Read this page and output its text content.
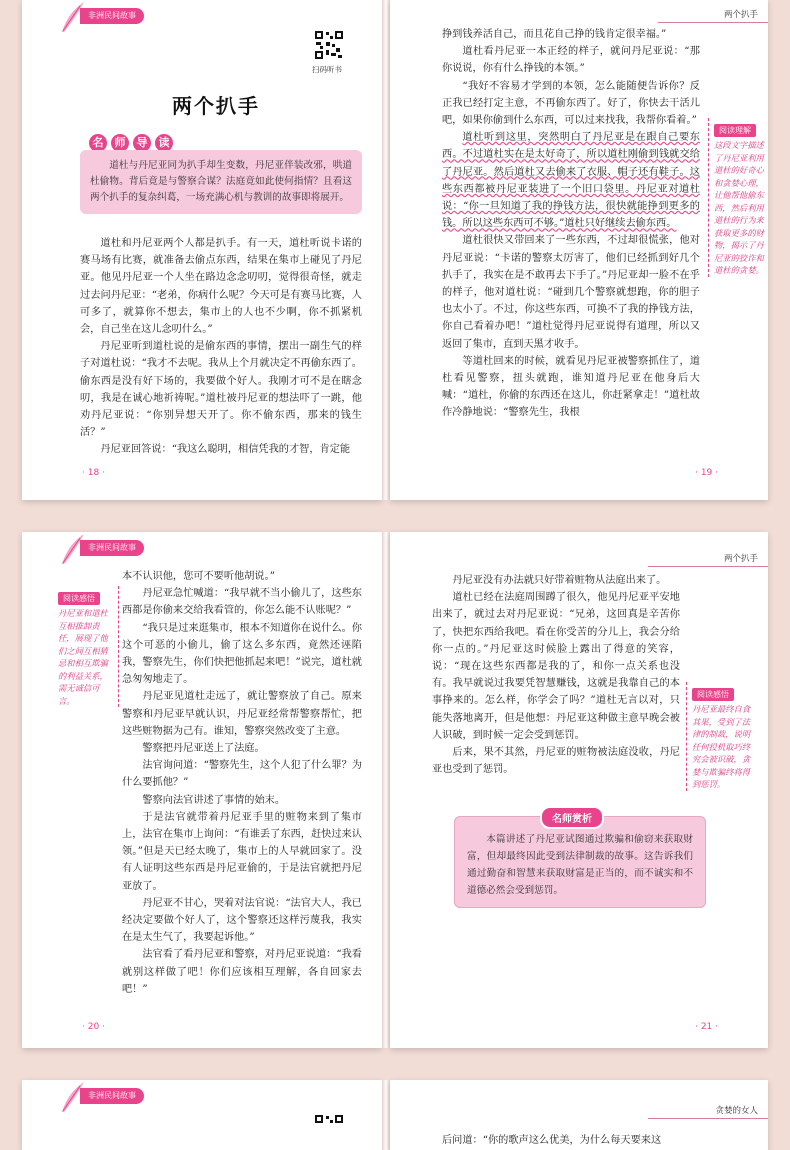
非洲民间故事
扫码听书
两个扒手
名	师	导	读

道杜与丹尼亚同为扒手却生变数，丹尼亚伴装改邪，哄道杜偷物。背后竟是与警察合谋？法庭竟如此使何指情？且看这两个扒手的复杂纠葛，一场充满心机与教训的故事即将展开。

道杜和丹尼亚两个人都是扒手。有一天，道杜听说卡诺的赛马场有比赛，就准备去偷点东西，结果在集市上碰见了丹尼亚。他见丹尼亚一个人坐在路边念念叨叨，觉得很奇怪，就走过去问丹尼亚：“老弟，你病什么呢？今天可是有赛马比赛，人可多了，就算你不想去，集市上的人也不少啊，你不抓紧机会，自己坐在这儿念叨什么。”

丹尼亚听到道杜说的是偷东西的事情，摆出一副生气的样子对道杜说：“我才不去呢。我从上个月就决定不再偷东西了。偷东西是没有好下场的，我要做个好人。我刚才可不是在瞎念叨，我是在诚心地祈祷呢。”道杜被丹尼亚的想法吓了一跳，他劝丹尼亚说：“你别异想天开了。你不偷东西，那来的钱生活？”

丹尼亚回答说：“我这么聪明，相信凭我的才智，肯定能

· 18 ·
两个扒手

挣到钱养活自己，而且花自己挣的钱肯定很幸福。”

道杜看丹尼亚一本正经的样子，就问丹尼亚说：“那你说说，你有什么挣钱的本领。”

“我好不容易才学到的本领，怎么能随便告诉你？反正我已经打定主意，不再偷东西了。好了，你快去干活儿吧，如果你偷到什么东西，可以过来找我，我帮你看着。”

道杜听到这里，突然明白了丹尼亚是在跟自己要东西。不过道杜实在是太好奇了，所以道杜刚偷到钱就交给了丹尼亚。然后道杜又去偷来了衣服、帽子还有鞋子。这些东西都被丹尼亚装进了一个旧口袋里。丹尼亚对道杜说：“你一旦知道了我的挣钱方法，很快就能挣到更多的钱。所以这些东西可不够。”道杜只好继续去偷东西。

道杜很快又带回来了一些东西，不过却很慌张，他对丹尼亚说：“卡诺的警察太厉害了，他们已经抓到好几个扒手了，我实在是不敢再去下手了。”丹尼亚却一脸不在乎的样子，他对道杜说：“碰到几个警察就想跑，你的胆子也太小了。不过，你这些东西，可换不了我的挣钱方法，你自己看着办吧！”道杜觉得丹尼亚说得有道理，所以又返回了集市，直到天黑才收手。

等道杜回来的时候，就看见丹尼亚被警察抓住了，道杜看见警察，扭头就跑，谁知道丹尼亚在他身后大喊：“道杜，你偷的东西还在这儿，你赶紧拿走！”道杜故作冷静地说：“警察先生，我根

阅读理解
这段文字描述了丹尼亚利用道杜的好奇心和贪婪心理，让他帮他偷东西，然后利用道杜的行为来获取更多的财物，揭示了丹尼亚的狡诈和道杜的贪婪。
· 19 ·
非洲民间故事
阅读感悟
丹尼亚和道杜互相推卸责任，展现了他们之间互相猜忌和相互欺骗的利益关系，需无诚信可言。

本不认识他，您可不要听他胡说。”

丹尼亚急忙喊道：“我早就不当小偷儿了，这些东西都是你偷来交给我看管的，你怎么能不认账呢？”

“我只是过来逛集市，根本不知道你在说什么。你这个可恶的小偷儿，偷了这么多东西，竟然还诬陷我，警察先生，你们快把他抓起来吧！”说完，道杜就急匆匆地走了。

丹尼亚见道杜走远了，就让警察放了自己。原来警察和丹尼亚早就认识，丹尼亚经常帮警察帮忙，把这些赃物据为己有。谁知，警察突然改变了主意。

警察把丹尼亚送上了法庭。

法官询问道：“警察先生，这个人犯了什么罪？为什么要抓他？”

警察向法官讲述了事情的始末。

于是法官就带着丹尼亚手里的赃物来到了集市上，法官在集市上询问：“有谁丢了东西，赶快过来认领。”但是天已经太晚了，集市上的人早就回家了。没有人证明这些东西是丹尼亚偷的，于是法官就把丹尼亚放了。

丹尼亚不甘心，哭着对法官说：“法官大人，我已经决定要做个好人了，这个警察还这样污蔑我，我实在是太生气了，我要起诉他。”

法官看了看丹尼亚和警察，对丹尼亚说道：“我看就别这样做了吧！你们应该相互理解，各自回家去吧！”

· 20 ·
两个扒手

丹尼亚没有办法就只好带着赃物从法庭出来了。

道杜已经在法庭周围蹲了很久，他见丹尼亚平安地出来了，就过去对丹尼亚说：“兄弟，这回真是辛苦你了，快把东西给我吧。看在你受苦的分儿上，我会分给你一点的。”丹尼亚这时候脸上露出了得意的笑容，说：“现在这些东西都是我的了，和你一点关系也没有。我早就说过我要凭智慧赚钱，这就是我靠自己的本事挣来的。怎么样，你学会了吗？”道杜无言以对，只能失落地离开，但是他想：丹尼亚这种做主意早晚会被人识破，到时候一定会受到惩罚。

后来，果不其然，丹尼亚的赃物被法庭没收，丹尼亚也受到了惩罚。

阅读感悟
丹尼亚最终自食其果，受到了法律的制裁，说明任何投机取巧终究会被识破，贪婪与欺骗终将得到惩罚。

本篇讲述了丹尼亚试图通过欺骗和偷窃来获取财富，但却最终因此受到法律制裁的故事。这告诉我们通过勤奋和智慧来获取财富是正当的，而不诚实和不道德必然会受到惩罚。

名师赏析
· 21 ·
非洲民间故事
贪婪的女人

后问道：“你的歌声这么优美，为什么每天要来这
